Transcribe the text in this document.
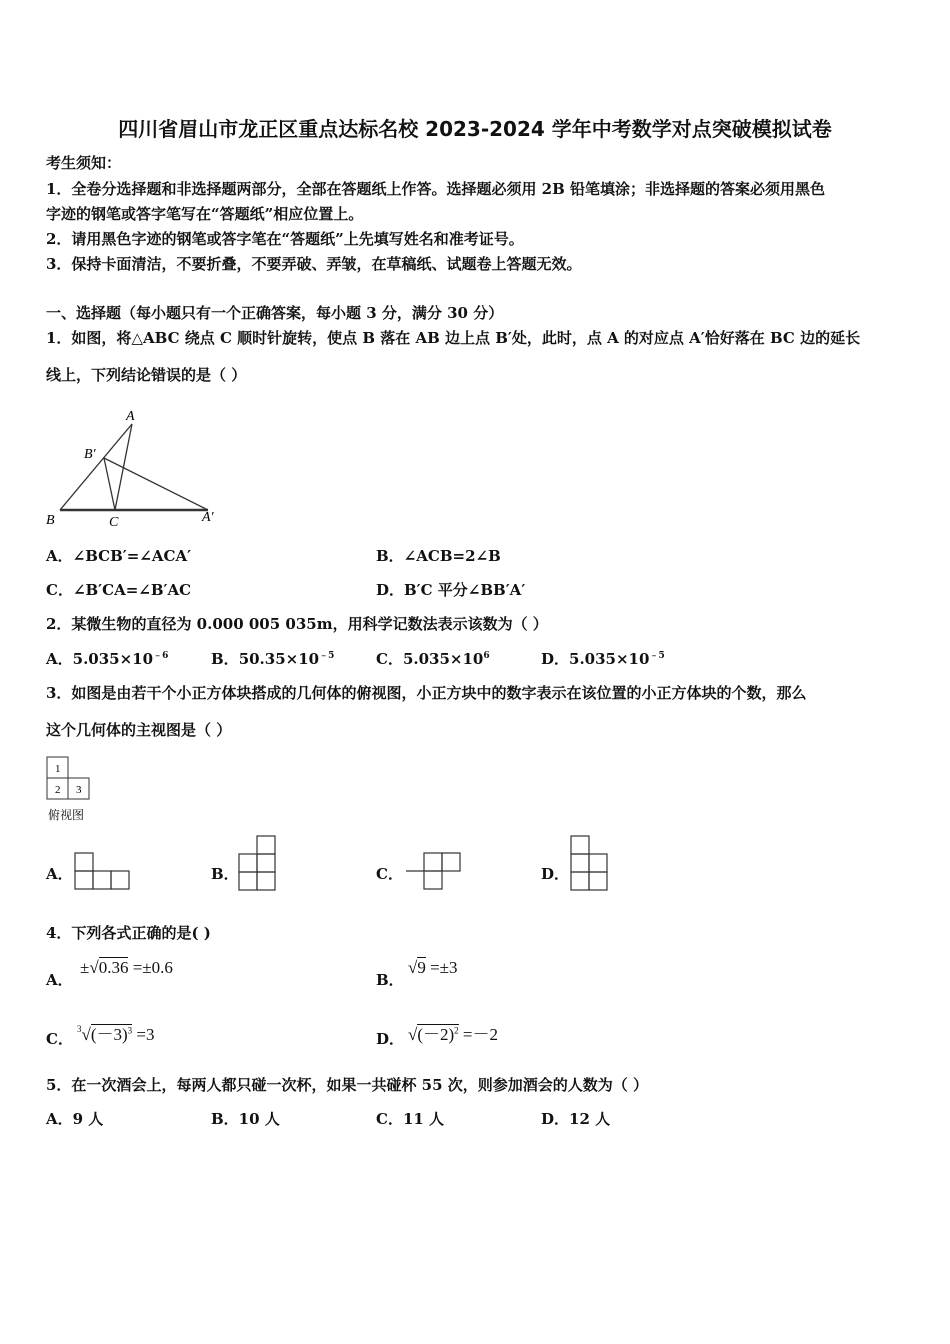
四川省眉山市龙正区重点达标名校 2023-2024 学年中考数学对点突破模拟试卷
考生须知：
1．全卷分选择题和非选择题两部分，全部在答题纸上作答。选择题必须用 2B 铅笔填涂；非选择题的答案必须用黑色
字迹的钢笔或答字笔写在“答题纸”相应位置上。
2．请用黑色字迹的钢笔或答字笔在“答题纸”上先填写姓名和准考证号。
3．保持卡面清洁，不要折叠，不要弄破、弄皱，在草稿纸、试题卷上答题无效。
一、选择题（每小题只有一个正确答案，每小题 3 分，满分 30 分）
1．如图，将△ABC 绕点 C 顺时针旋转，使点 B 落在 AB 边上点 B′处，此时，点 A 的对应点 A′恰好落在 BC 边的延长
线上，下列结论错误的是（ ）
A
B′
B	C	A′
A．∠BCB′=∠ACA′	B．∠ACB=2∠B
C．∠B′CA=∠B′AC	D．B′C 平分∠BB′A′
2．某微生物的直径为 0.000 005 035m，用科学记数法表示该数为（ ）
A．$5.035\times 10^{﹣6}$	B．$50.35\times 10^{﹣5}$	C．$5.035\times 10^6$	D．$5.035\times 10^{﹣5}$
3．如图是由若干个小正方体块搭成的几何体的俯视图，小正方块中的数字表示在该位置的小正方体块的个数，那么
这个几何体的主视图是（ ）
1
2 3
俯视图
A．	B．	C．	D．
4．下列各式正确的是( )
A．
±√0.36 =±0.6
B．
√9 =±3
C．
$^3√(-3)^3 =3$	D． $√(-2)^2 =-2$
5．在一次酒会上，每两人都只碰一次杯，如果一共碰杯 55 次，则参加酒会的人数为（ ）
A．9 人	B．10 人	C．11 人	D．12 人
